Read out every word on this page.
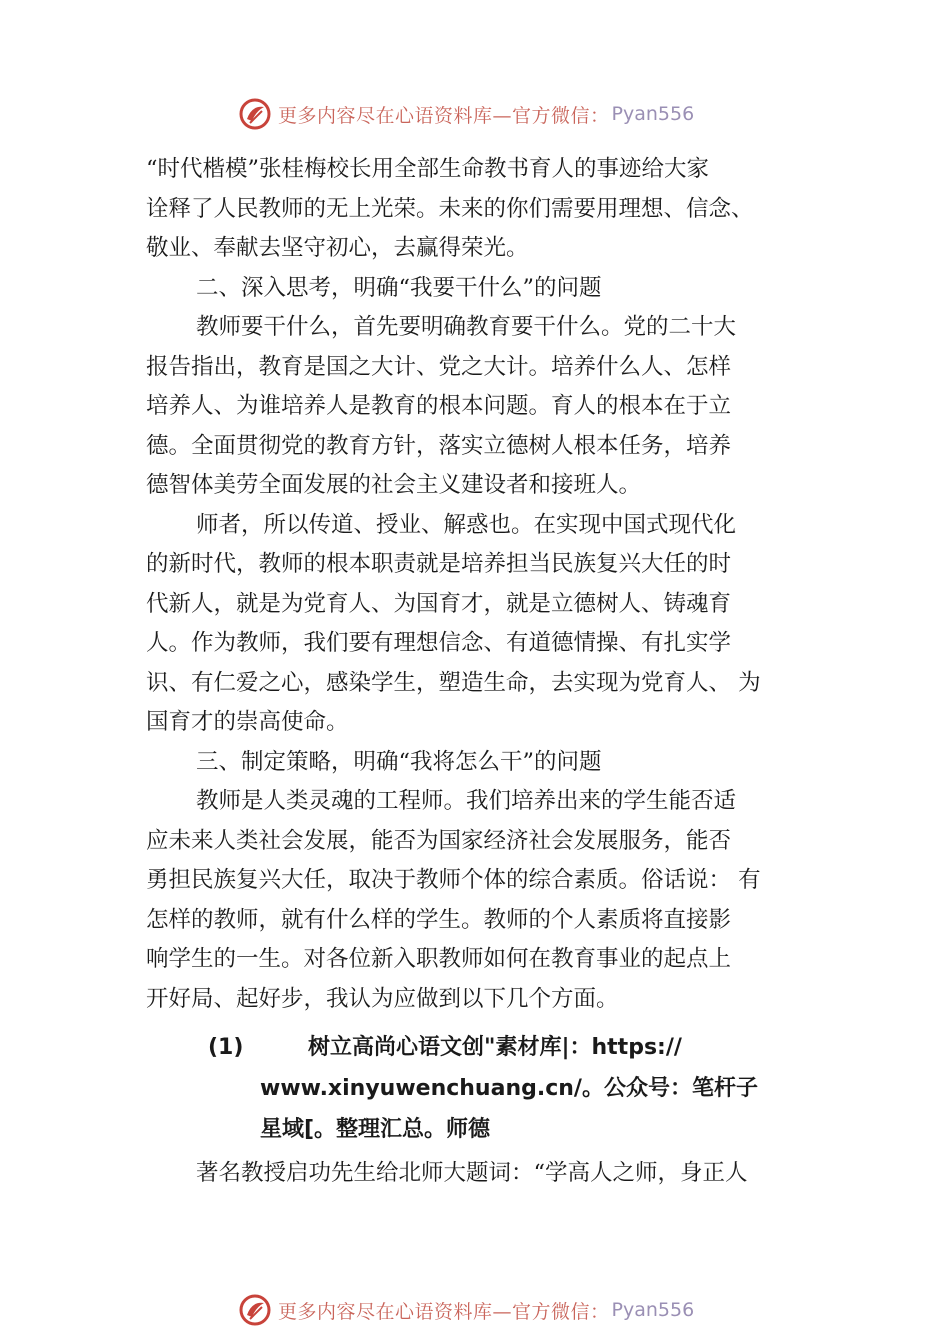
更多内容尽在心语资料库—官方微信： Pyan556
“时代楷模”张桂梅校长用全部生命教书育人的事迹给大家
诠释了人民教师的无上光荣。未来的你们需要用理想、信念、
敬业、奉献去坚守初心，去赢得荣光。
二、深入思考，明确“我要干什么”的问题
教师要干什么，首先要明确教育要干什么。党的二十大
报告指出，教育是国之大计、党之大计。培养什么人、怎样
培养人、为谁培养人是教育的根本问题。育人的根本在于立
德。全面贯彻党的教育方针，落实立德树人根本任务，培养
德智体美劳全面发展的社会主义建设者和接班人。
师者，所以传道、授业、解惑也。在实现中国式现代化
的新时代，教师的根本职责就是培养担当民族复兴大任的时
代新人，就是为党育人、为国育才，就是立德树人、铸魂育
人。作为教师，我们要有理想信念、有道德情操、有扎实学
识、有仁爱之心，感染学生，塑造生命，去实现为党育人、 为
国育才的崇高使命。
三、制定策略，明确“我将怎么干”的问题
教师是人类灵魂的工程师。我们培养出来的学生能否适
应未来人类社会发展，能否为国家经济社会发展服务，能否
勇担民族复兴大任，取决于教师个体的综合素质。俗话说： 有
怎样的教师，就有什么样的学生。教师的个人素质将直接影
响学生的一生。对各位新入职教师如何在教育事业的起点上
开好局、起好步，我认为应做到以下几个方面。
(1)	树立高尚心语文创"素材库|：https://
www.xinyuwenchuang.cn/。公众号：笔杆子
星域[。整理汇总。师德
著名教授启功先生给北师大题词：“学高人之师，身正人
更多内容尽在心语资料库—官方微信： Pyan556
